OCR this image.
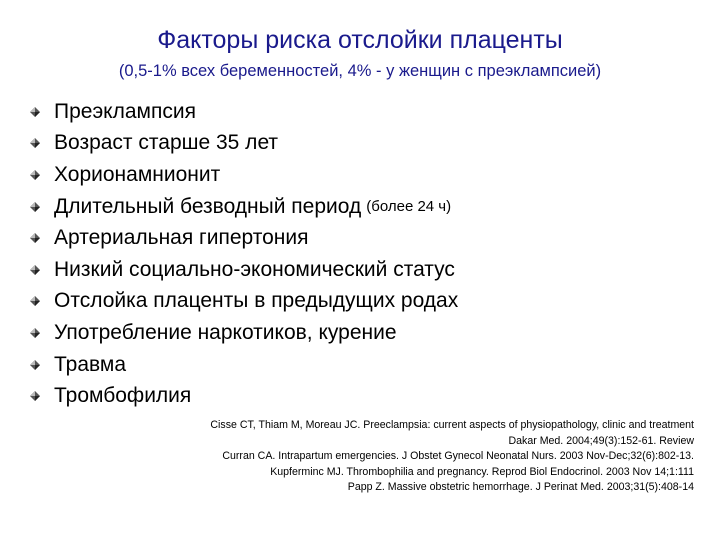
Факторы риска отслойки плаценты
(0,5-1% всех беременностей, 4% - у женщин с преэклампсией)
Преэклампсия
Возраст старше 35 лет
Хориoнамнионит
Длительный безводный период (более 24 ч)
Артериальная гипертония
Низкий социально-экономический статус
Отслойка плаценты в предыдущих родах
Употребление наркотиков, курение
Травма
Тромбофилия
Cisse CT, Thiam M, Moreau JC. Preeclampsia: current aspects of physiopathology, clinic and treatment
Dakar Med. 2004;49(3):152-61. Review
Curran CA. Intrapartum emergencies. J Obstet Gynecol Neonatal Nurs. 2003 Nov-Dec;32(6):802-13.
Kupferminc MJ. Thrombophilia and pregnancy. Reprod Biol Endocrinol. 2003 Nov 14;1:111
Papp Z. Massive obstetric hemorrhage. J Perinat Med. 2003;31(5):408-14
